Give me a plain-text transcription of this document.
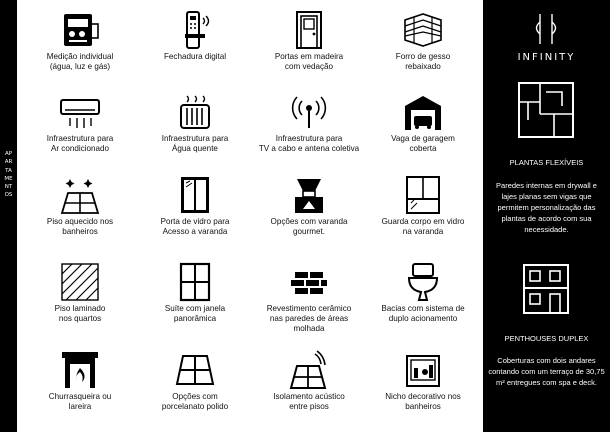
APARTAMENTOS
Medição individual
(água, luz e gás)
Fechadura digital	Portas em madeira
com vedação
Forro de gesso
rebaixado
Infraestrutura para
Ar condicionado
Infraestrutura para
Água quente
Infraestrutura para
TV a cabo e antena coletiva
Vaga de garagem
coberta
Piso aquecido nos
banheiros
Porta de vidro para
Acesso a varanda
Opções com varanda
gourmet.
Guarda corpo em vidro
na varanda
Piso laminado
nos quartos
Suíte com janela
panorâmica
Revestimento cerâmico
nas paredes de áreas
molhada
Bacias com sistema de
duplo acionamento
Churrasqueira ou
lareira
Opções com
porcelanato polido
Isolamento acústico
entre pisos
Nicho decorativo nos
banheiros
INFINITY
PLANTAS FLEXÍVEIS
Paredes internas em drywall e lajes planas sem vigas que permitem personalização das plantas de acordo com sua necessidade.
PENTHOUSES DUPLEX
Coberturas com dois andares contando com um terraço de 30,75 m² entregues com spa e deck.
